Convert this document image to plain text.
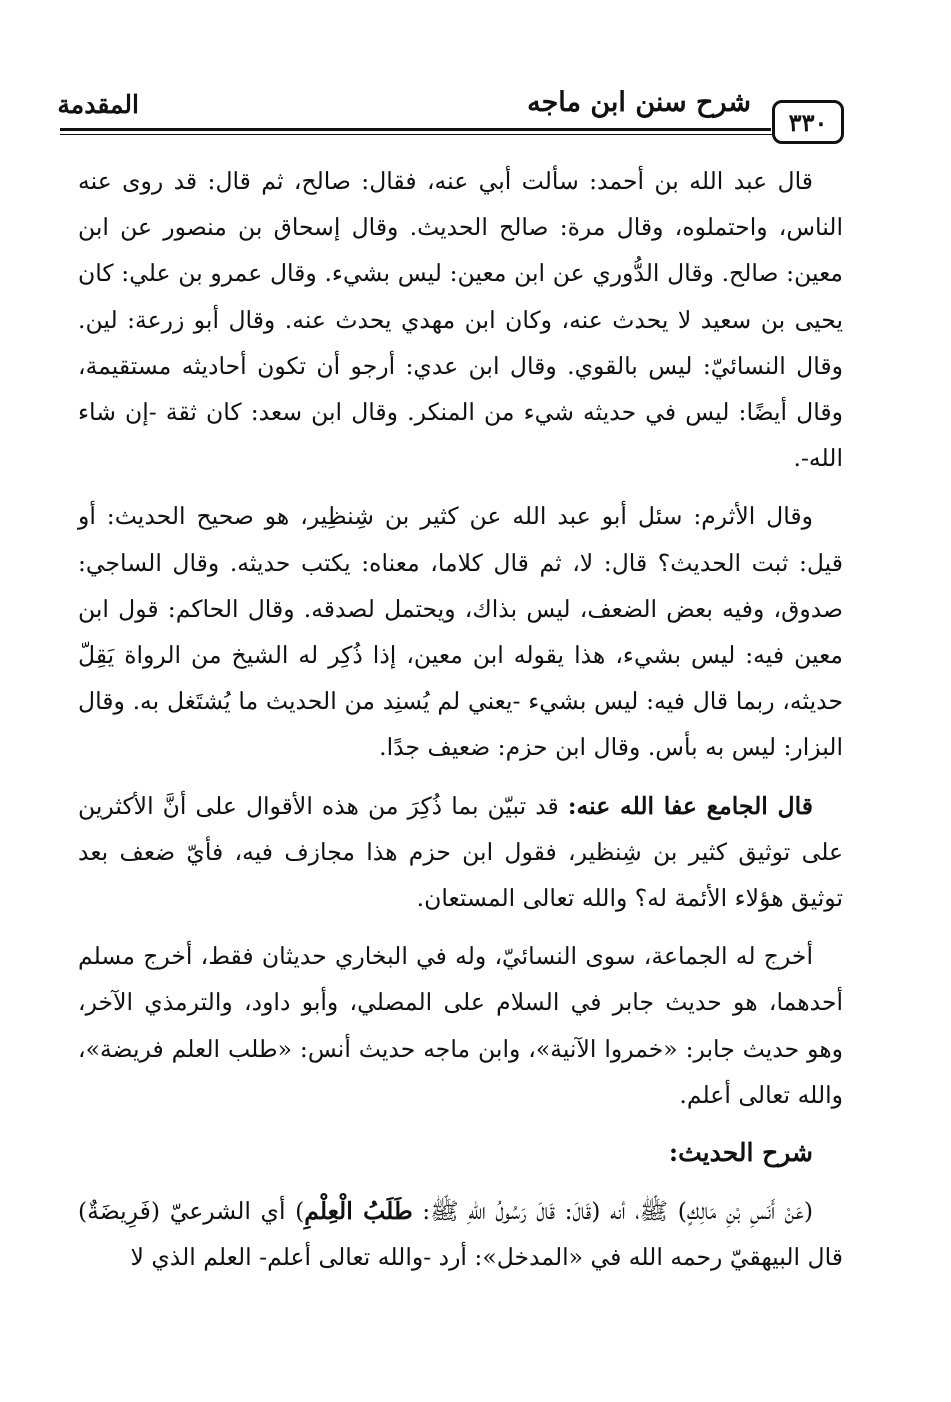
٣٣٠
شرح سنن ابن ماجه
المقدمة

قال عبد الله بن أحمد: سألت أبي عنه، فقال: صالح، ثم قال: قد روى عنه الناس، واحتملوه، وقال مرة: صالح الحديث. وقال إسحاق بن منصور عن ابن معين: صالح. وقال الدُّوري عن ابن معين: ليس بشيء. وقال عمرو بن علي: كان يحيى بن سعيد لا يحدث عنه، وكان ابن مهدي يحدث عنه. وقال أبو زرعة: لين. وقال النسائيّ: ليس بالقوي. وقال ابن عدي: أرجو أن تكون أحاديثه مستقيمة، وقال أيضًا: ليس في حديثه شيء من المنكر. وقال ابن سعد: كان ثقة -إن شاء الله-.

وقال الأثرم: سئل أبو عبد الله عن كثير بن شِنظِير، هو صحيح الحديث: أو قيل: ثبت الحديث؟ قال: لا، ثم قال كلاما، معناه: يكتب حديثه. وقال الساجي: صدوق، وفيه بعض الضعف، ليس بذاك، ويحتمل لصدقه. وقال الحاكم: قول ابن معين فيه: ليس بشيء، هذا يقوله ابن معين، إذا ذُكِر له الشيخ من الرواة يَقِلّ حديثه، ربما قال فيه: ليس بشيء -يعني لم يُسنِد من الحديث ما يُشتَغل به. وقال البزار: ليس به بأس. وقال ابن حزم: ضعيف جدًا.

قال الجامع عفا الله عنه: قد تبيّن بما ذُكِرَ من هذه الأقوال على أنَّ الأكثرين على توثيق كثير بن شِنظير، فقول ابن حزم هذا مجازف فيه، فأيّ ضعف بعد توثيق هؤلاء الأئمة له؟ والله تعالى المستعان.

أخرج له الجماعة، سوى النسائيّ، وله في البخاري حديثان فقط، أخرج مسلم أحدهما، هو حديث جابر في السلام على المصلي، وأبو داود، والترمذي الآخر، وهو حديث جابر: «خمروا الآنية»، وابن ماجه حديث أنس: «طلب العلم فريضة»، والله تعالى أعلم.

شرح الحديث:

(عَنْ أَنَسِ بْنِ مَالِكٍ) ﷺ، أنه (قَالَ: قَالَ رَسُولُ اللهِ ﷺ: طَلَبُ الْعِلْمِ) أي الشرعيّ (فَرِيضَةٌ) قال البيهقيّ رحمه الله في «المدخل»: أرد -والله تعالى أعلم- العلم الذي لا
